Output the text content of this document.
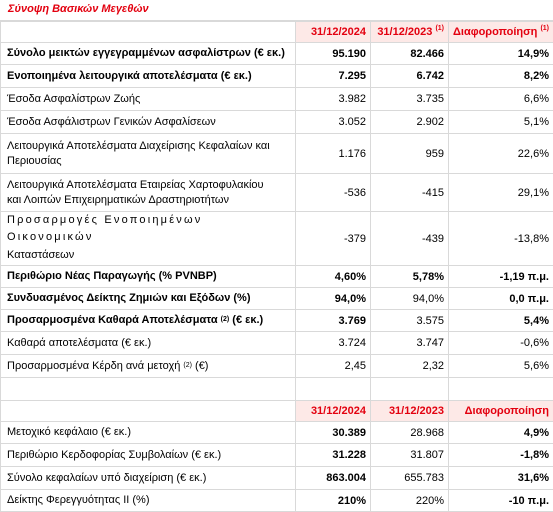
Σύνοψη Βασικών Μεγεθών
	31/12/2024	31/12/2023 $^{(1)}$	Διαφοροποίηση $^{(1)}$
Σύνολο μεικτών εγγεγραμμένων ασφαλίστρων (€ εκ.)	95.190	82.466	14,9%
Ενοποιημένα λειτουργικά αποτελέσματα (€ εκ.)	7.295	6.742	8,2%
Έσοδα Ασφαλίστρων Ζωής	3.982	3.735	6,6%
Έσοδα Ασφάλιστρων Γενικών Ασφαλίσεων	3.052	2.902	5,1%

Λειτουργικά Αποτελέσματα Διαχείρισης Κεφαλαίων και
Περιουσίας	1.176	959	22,6%

Λειτουργικά Αποτελέσματα Εταιρείας Χαρτοφυλακίου
και Λοιπών Επιχειρηματικών Δραστηριοτήτων	-536	-415	29,1%

Προσαρμογές Ενοποιημένων Οικονομικών
Καταστάσεων	-379	-439	-13,8%
Περιθώριο Νέας Παραγωγής (% PVNBP)	4,60%	5,78%	-1,19 π.μ.
Συνδυασμένος Δείκτης Ζημιών και Εξόδων (%)	94,0%	94,0%	0,0 π.μ.
Προσαρμοσμένα Καθαρά Αποτελέσματα $^{(2)}$ (€ εκ.)	3.769	3.575	5,4%
Καθαρά αποτελέσματα (€ εκ.)	3.724	3.747	-0,6%
Προσαρμοσμένα Κέρδη ανά μετοχή $^{(2)}$ (€)	2,45	2,32	5,6%

	31/12/2024	31/12/2023	Διαφοροποίηση
Μετοχικό κεφάλαιο (€ εκ.)	30.389	28.968	4,9%
Περιθώριο Κερδοφορίας Συμβολαίων (€ εκ.)	31.228	31.807	-1,8%
Σύνολο κεφαλαίων υπό διαχείριση (€ εκ.)	863.004	655.783	31,6%
Δείκτης Φερεγγυότητας ΙΙ (%)	210%	220%	-10 π.μ.
